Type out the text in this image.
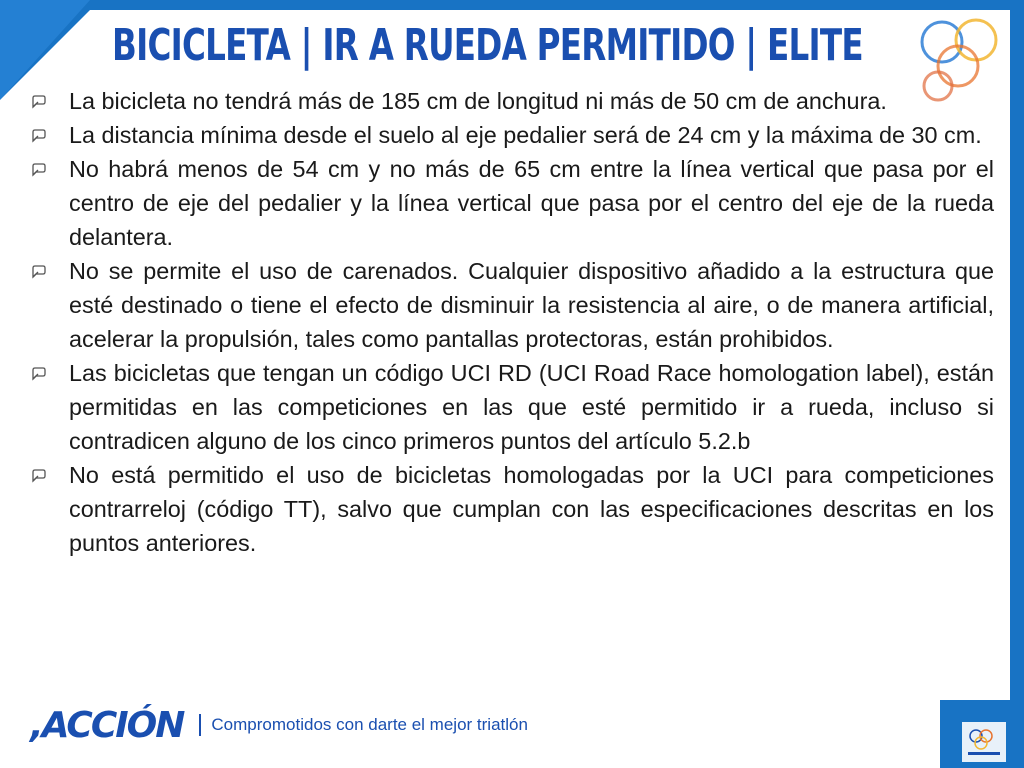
BICICLETA | IR A RUEDA PERMITIDO | ELITE
La bicicleta no tendrá más de 185 cm de longitud ni más de 50 cm de anchura.
La distancia mínima desde el suelo al eje pedalier será de 24 cm y la máxima de 30 cm.
No habrá menos de 54 cm y no más de 65 cm entre la línea vertical que pasa por el centro de eje del pedalier y la línea vertical que pasa por el centro del eje de la rueda delantera.
No se permite el uso de carenados. Cualquier dispositivo añadido a la estructura que esté destinado o tiene el efecto de disminuir la resistencia al aire, o de manera artificial, acelerar la propulsión, tales como pantallas protectoras, están prohibidos.
Las bicicletas que tengan un código UCI RD (UCI Road Race homologation label), están permitidas en las competiciones en las que esté permitido ir a rueda, incluso si contradicen alguno de los cinco primeros puntos del artículo 5.2.b
No está permitido el uso de bicicletas homologadas por la UCI para competiciones contrarreloj (código TT), salvo que cumplan con las especificaciones descritas en los puntos anteriores.
,ACCIÓN Compromotidos con darte el mejor triatlón
